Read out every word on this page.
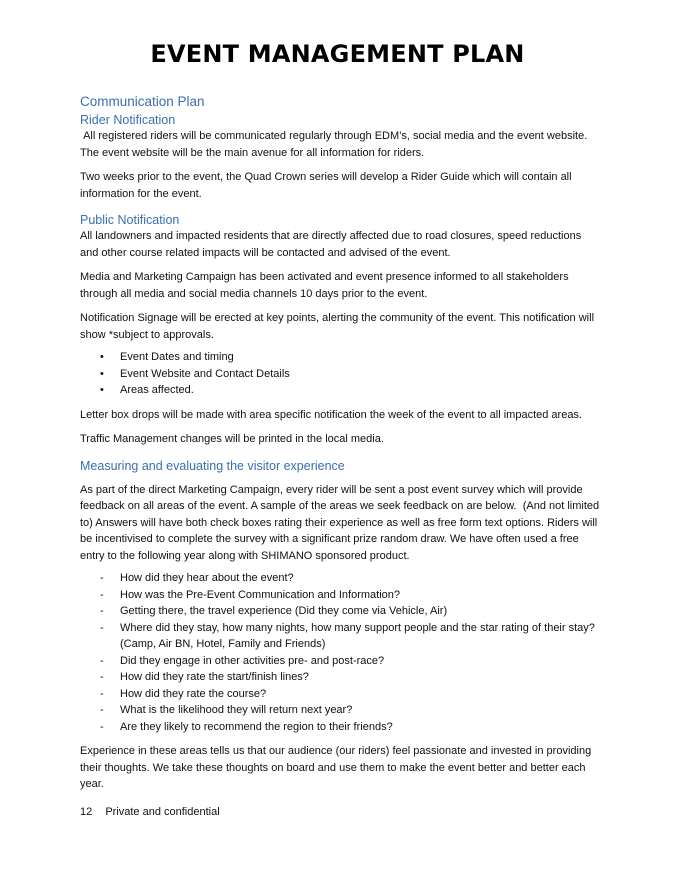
EVENT MANAGEMENT PLAN
Communication Plan
Rider Notification

All registered riders will be communicated regularly through EDM’s, social media and the event website. The event website will be the main avenue for all information for riders.

Two weeks prior to the event, the Quad Crown series will develop a Rider Guide which will contain all information for the event.

Public Notification

All landowners and impacted residents that are directly affected due to road closures, speed reductions and other course related impacts will be contacted and advised of the event.

Media and Marketing Campaign has been activated and event presence informed to all stakeholders through all media and social media channels 10 days prior to the event.

Notification Signage will be erected at key points, alerting the community of the event. This notification will show *subject to approvals.

• Event Dates and timing
• Event Website and Contact Details
• Areas affected.

Letter box drops will be made with area specific notification the week of the event to all impacted areas.

Traffic Management changes will be printed in the local media.

Measuring and evaluating the visitor experience

As part of the direct Marketing Campaign, every rider will be sent a post event survey which will provide feedback on all areas of the event. A sample of the areas we seek feedback on are below.  (And not limited to) Answers will have both check boxes rating their experience as well as free form text options. Riders will be incentivised to complete the survey with a significant prize random draw. We have often used a free entry to the following year along with SHIMANO sponsored product.

- How did they hear about the event?
- How was the Pre-Event Communication and Information?
- Getting there, the travel experience (Did they come via Vehicle, Air)
- Where did they stay, how many nights, how many support people and the star rating of their stay? (Camp, Air BN, Hotel, Family and Friends)
- Did they engage in other activities pre- and post-race?
- How did they rate the start/finish lines?
- How did they rate the course?
- What is the likelihood they will return next year?
- Are they likely to recommend the region to their friends?

Experience in these areas tells us that our audience (our riders) feel passionate and invested in providing their thoughts. We take these thoughts on board and use them to make the event better and better each year.

12 Private and confidential
